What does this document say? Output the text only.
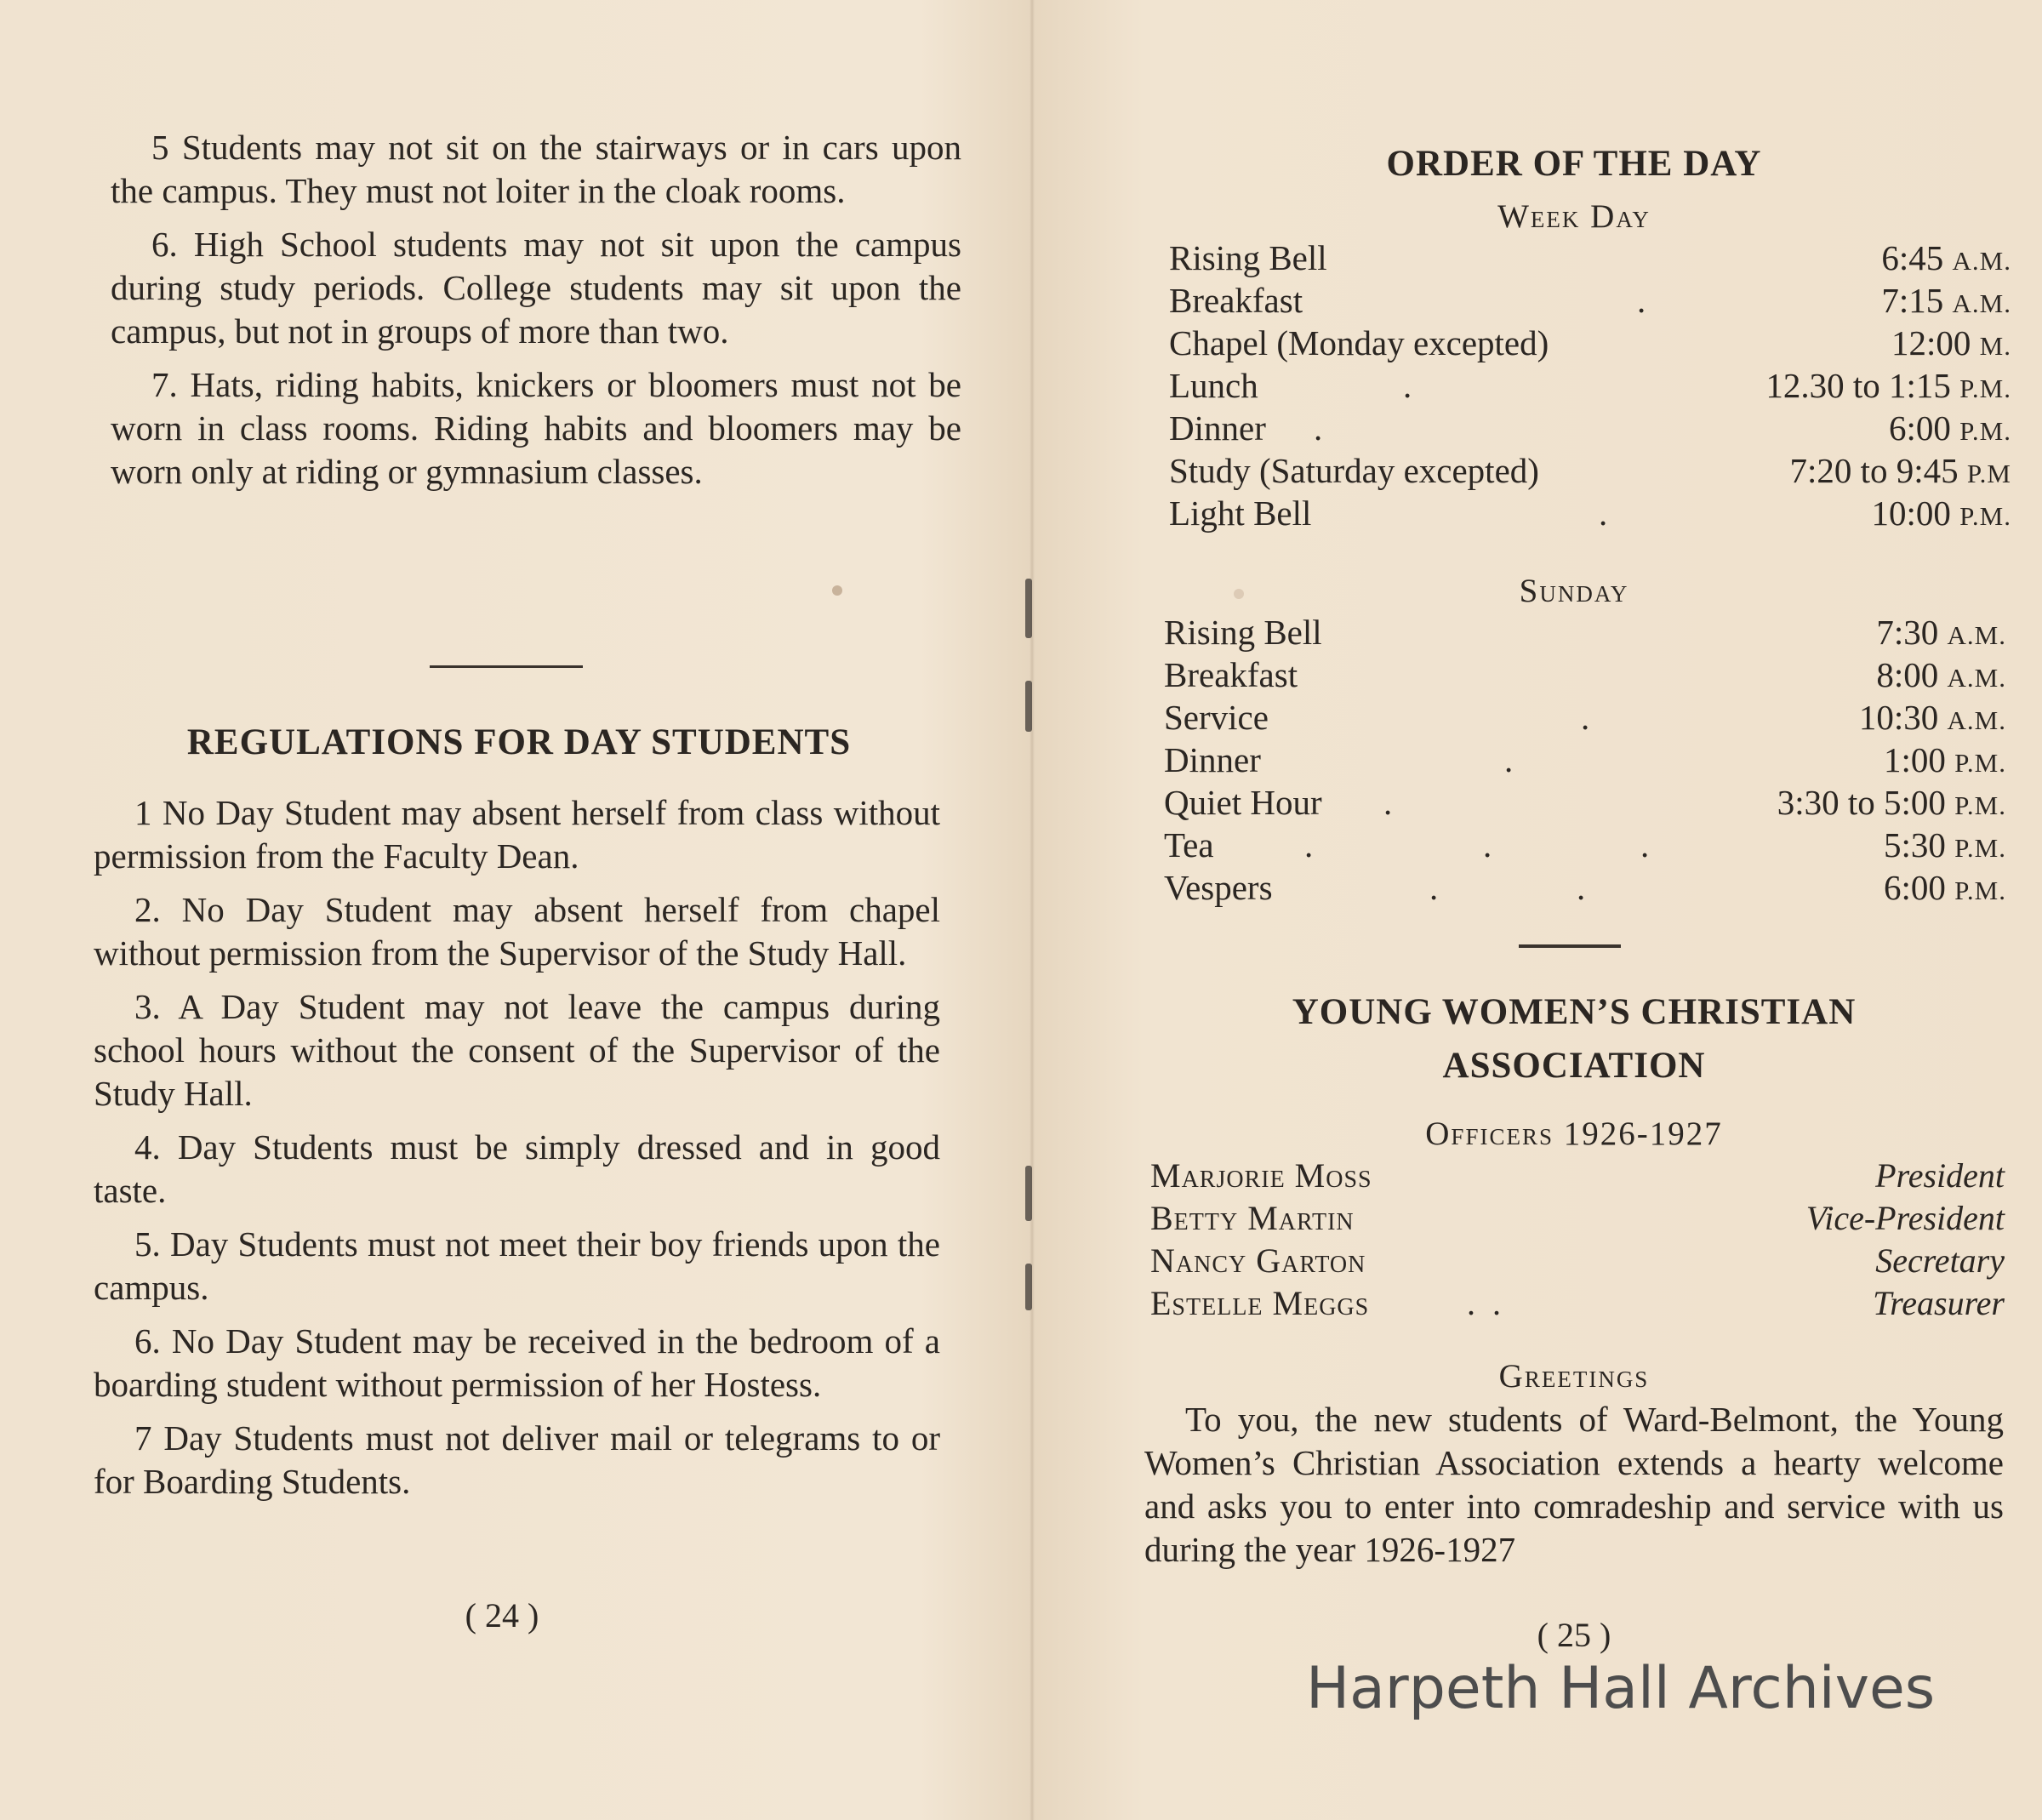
5 Students may not sit on the stairways or in cars upon the campus. They must not loiter in the cloak rooms.

6. High School students may not sit upon the campus during study periods. College students may sit upon the campus, but not in groups of more than two.

7. Hats, riding habits, knickers or bloomers must not be worn in class rooms. Riding habits and bloomers may be worn only at riding or gymnasium classes.

REGULATIONS FOR DAY STUDENTS

1 No Day Student may absent herself from class without permission from the Faculty Dean.

2. No Day Student may absent herself from chapel without permission from the Supervisor of the Study Hall.

3. A Day Student may not leave the campus during school hours without the consent of the Supervisor of the Study Hall.

4. Day Students must be simply dressed and in good taste.

5. Day Students must not meet their boy friends upon the campus.

6. No Day Student may be received in the bedroom of a boarding student without permission of her Hostess.

7 Day Students must not deliver mail or telegrams to or for Boarding Students.

( 24 )
ORDER OF THE DAY
Week Day
Rising Bell	6:45 A.M.
Breakfast	.	7:15 A.M.
Chapel (Monday excepted)	12:00 M.
Lunch	.	12.30 to 1:15 P.M.
Dinner .	6:00 P.M.
Study (Saturday excepted)	7:20 to 9:45 P.M
Light Bell	.	10:00 P.M.
Sunday
Rising Bell	7:30 A.M.
Breakfast	8:00 A.M.
Service	.	10:30 A.M.
Dinner	.	1:00 P.M.
Quiet Hour .	3:30 to 5:00 P.M.
Tea	.	.	.	5:30 P.M.
Vespers	.	.	6:00 P.M.
YOUNG WOMEN’S CHRISTIAN
ASSOCIATION
Officers 1926-1927
Marjorie Moss	President
Betty Martin	Vice-President
Nancy Garton	Secretary
Estelle Meggs	.  .	Treasurer
Greetings

To you, the new students of Ward-Belmont, the Young Women’s Christian Association extends a hearty welcome and asks you to enter into comradeship and service with us during the year 1926-1927

( 25 )
Harpeth Hall Archives
